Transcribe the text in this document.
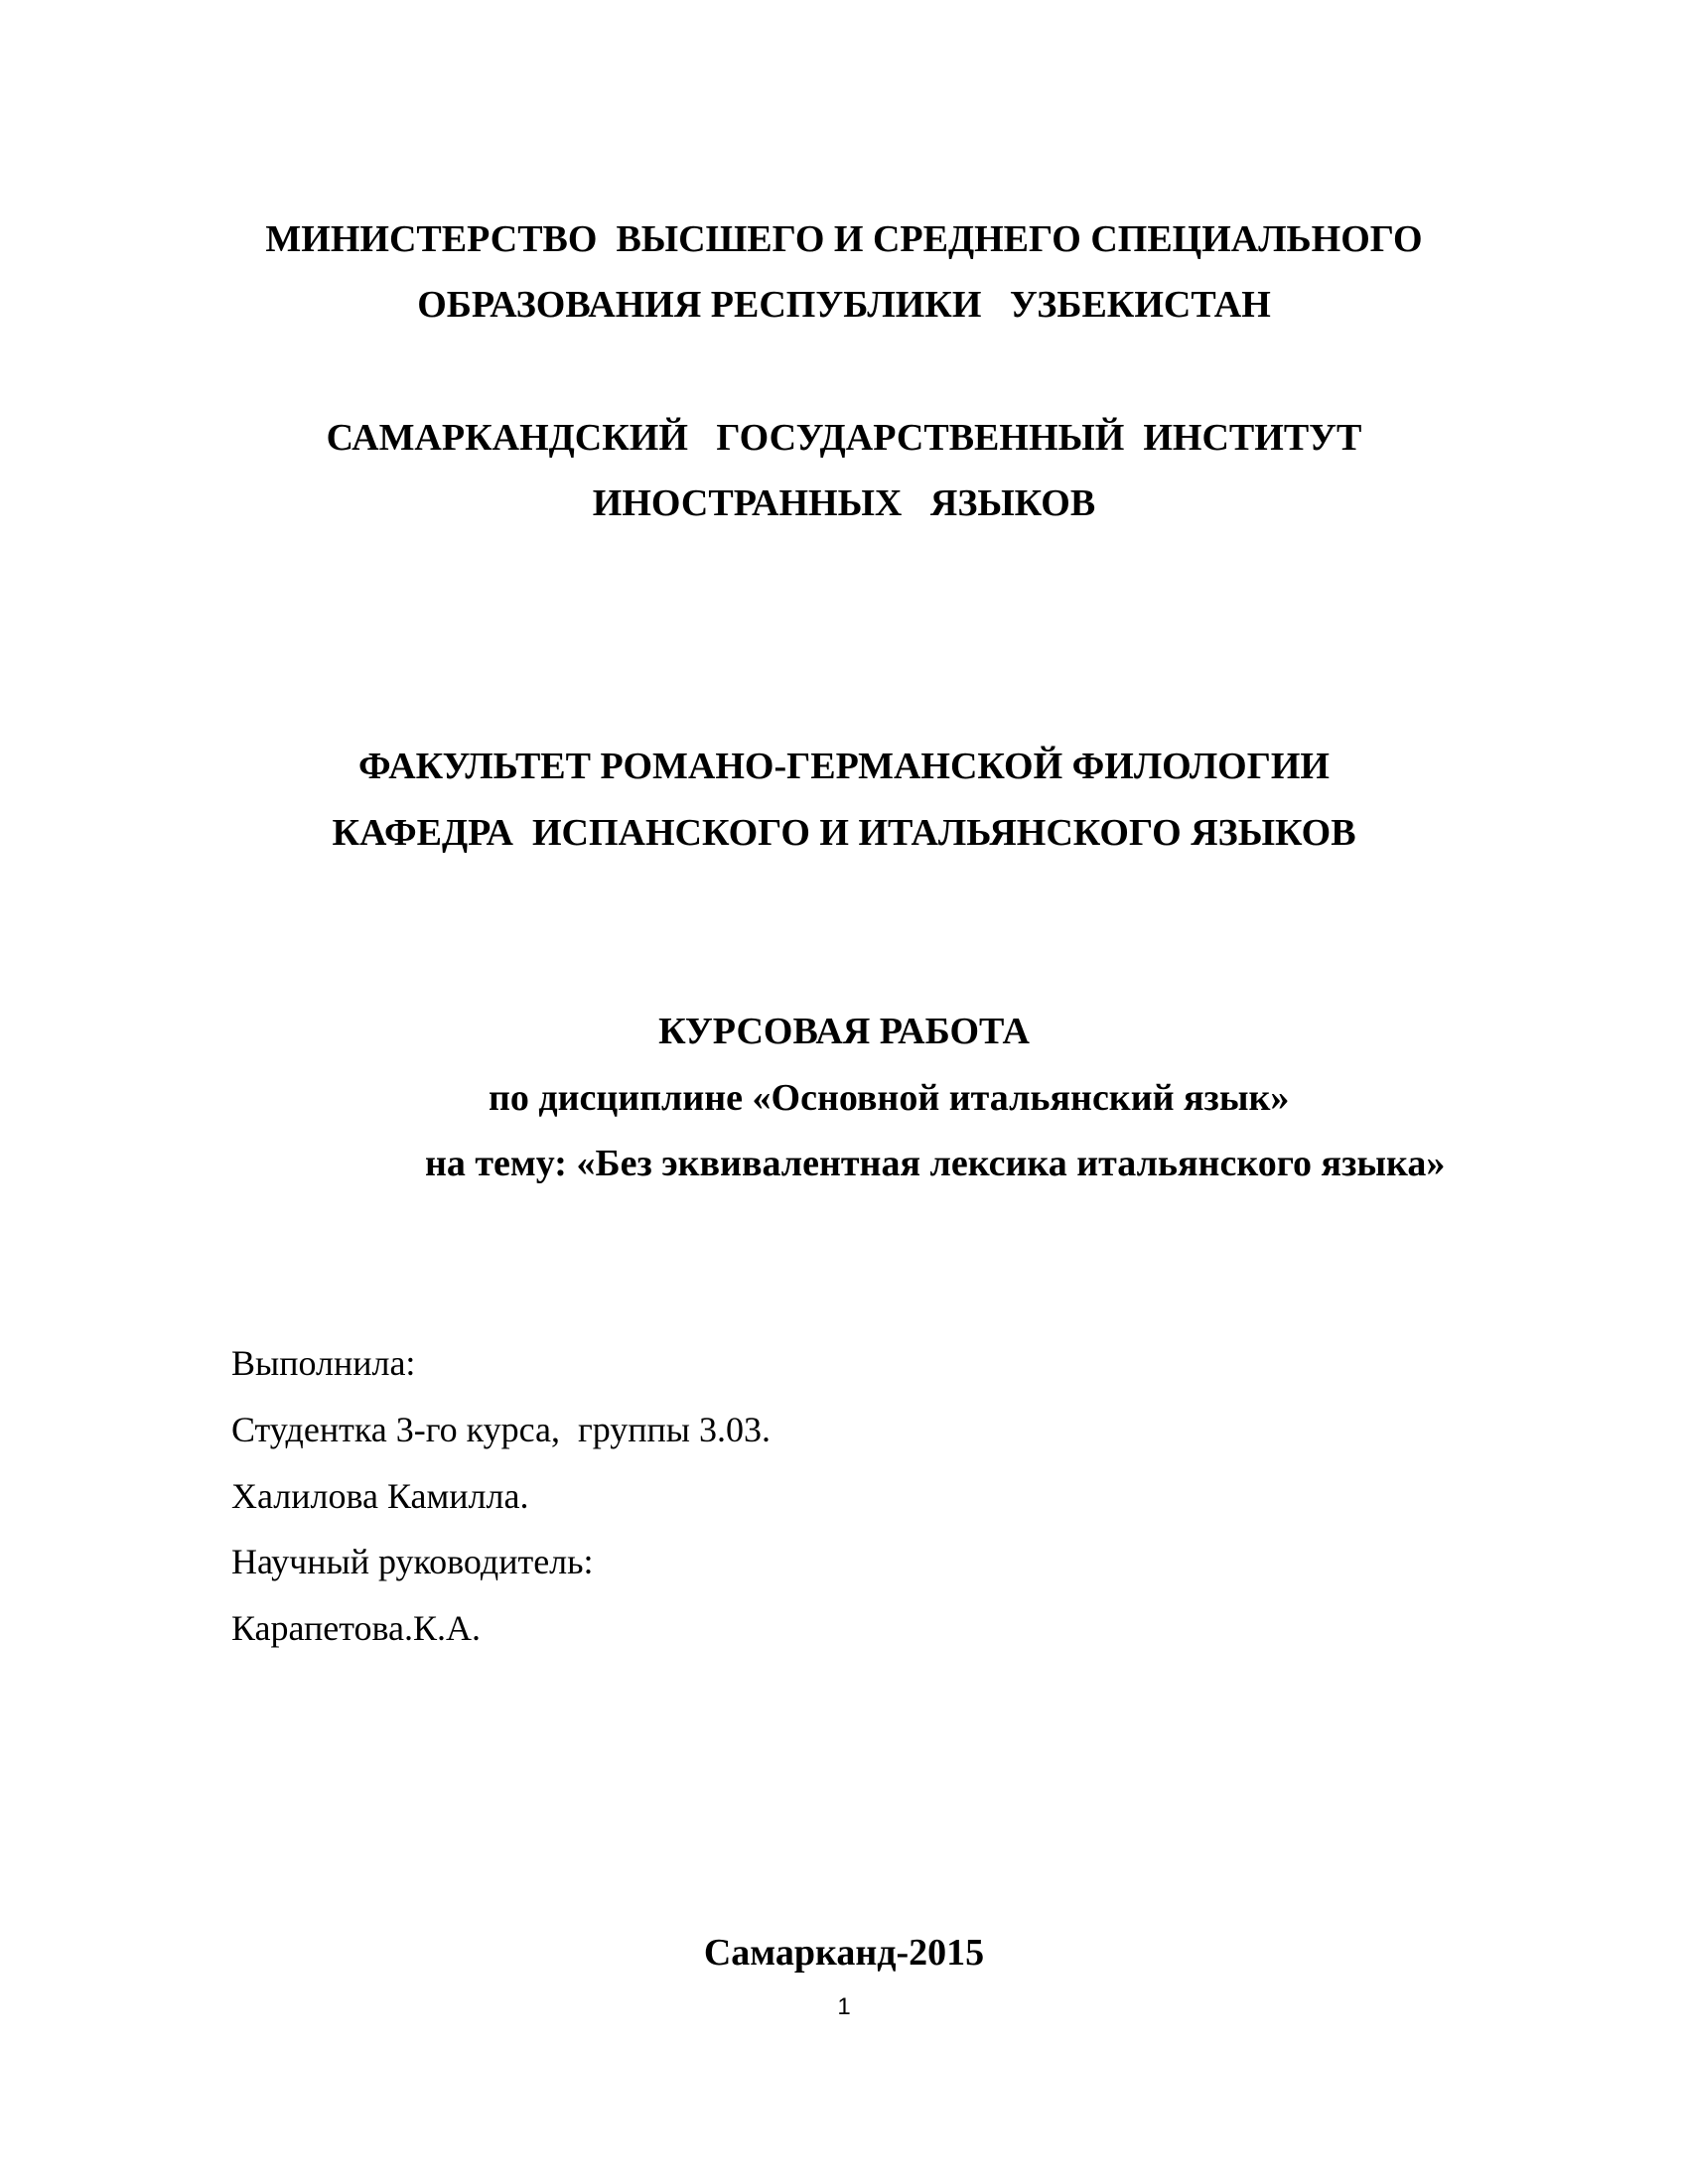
МИНИСТЕРСТВО  ВЫСШЕГО И СРЕДНЕГО СПЕЦИАЛЬНОГО
ОБРАЗОВАНИЯ РЕСПУБЛИКИ   УЗБЕКИСТАН
САМАРКАНДСКИЙ   ГОСУДАРСТВЕННЫЙ  ИНСТИТУТ
ИНОСТРАННЫХ   ЯЗЫКОВ
ФАКУЛЬТЕТ РОМАНО-ГЕРМАНСКОЙ ФИЛОЛОГИИ
КАФЕДРА  ИСПАНСКОГО И ИТАЛЬЯНСКОГО ЯЗЫКОВ
КУРСОВАЯ РАБОТА
по дисциплине «Основной итальянский язык»
на тему: «Без эквивалентная лексика итальянского языка»
Выполнила:
Студентка 3-го курса,  группы 3.03.
Халилова Камилла.
Научный руководитель:
Карапетова.К.А.
Самарканд-2015
1
